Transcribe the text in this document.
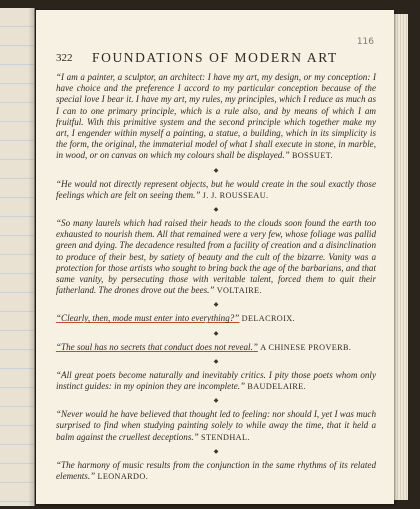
116
322 FOUNDATIONS OF MODERN ART

“I am a painter, a sculptor, an architect: I have my art, my design, or my conception: I have choice and the preference I accord to my particular conception because of the special love I bear it. I have my art, my rules, my principles, which I reduce as much as I can to one primary principle, which is a rule also, and by means of which I am fruitful. With this primitive system and the second principle which together make my art, I engender within myself a painting, a statue, a building, which in its simplicity is the form, the original, the immaterial model of what I shall execute in stone, in marble, in wood, or on canvas on which my colours shall be displayed.” BOSSUET.

◆

“He would not directly represent objects, but he would create in the soul exactly those feelings which are felt on seeing them.” J. J. ROUSSEAU.

◆

“So many laurels which had raised their heads to the clouds soon found the earth too exhausted to nourish them. All that remained were a very few, whose foliage was pallid green and dying. The decadence resulted from a facility of creation and a disinclination to produce of their best, by satiety of beauty and the cult of the bizarre. Vanity was a protection for those artists who sought to bring back the age of the barbarians, and that same vanity, by persecuting those with veritable talent, forced them to quit their fatherland. The drones drove out the bees.” VOLTAIRE.

◆

“Clearly, then, mode must enter into everything?” DELACROIX.

◆

“The soul has no secrets that conduct does not reveal.” A CHINESE PROVERB.

◆

“All great poets become naturally and inevitably critics. I pity those poets whom only instinct guides: in my opinion they are incomplete.” BAUDELAIRE.

◆

“Never would he have believed that thought led to feeling: nor should I, yet I was much surprised to find when studying painting solely to while away the time, that it held a balm against the cruellest deceptions.” STENDHAL.

◆

“The harmony of music results from the conjunction in the same rhythms of its related elements.” LEONARDO.
